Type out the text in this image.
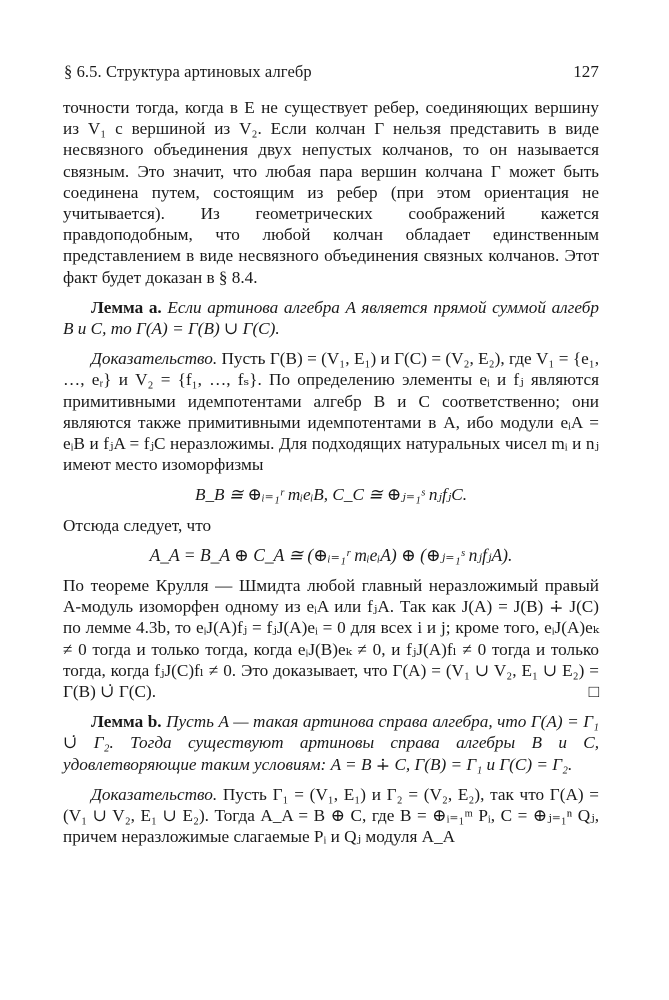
§ 6.5. Структура артиновых алгебр	127

точности тогда, когда в E не существует ребер, соединяющих вершину из V₁ с вершиной из V₂. Если колчан Γ нельзя представить в виде несвязного объединения двух непустых колчанов, то он называется связным. Это значит, что любая пара вершин колчана Γ может быть соединена путем, состоящим из ребер (при этом ориентация не учитывается). Из геометрических соображений кажется правдоподобным, что любой колчан обладает единственным представлением в виде несвязного объединения связных колчанов. Этот факт будет доказан в § 8.4.

Лемма a. Если артинова алгебра A является прямой суммой алгебр B и C, то Γ(A) = Γ(B) ∪ Γ(C).

Доказательство. Пусть Γ(B) = (V₁, E₁) и Γ(C) = (V₂, E₂), где V₁ = {e₁, …, eᵣ} и V₂ = {f₁, …, fₛ}. По определению элементы eᵢ и fⱼ являются примитивными идемпотентами алгебр B и C соответственно; они являются также примитивными идемпотентами в A, ибо модули eᵢA = eᵢB и fⱼA = fⱼC неразложимы. Для подходящих натуральных чисел mᵢ и nⱼ имеют место изоморфизмы

B_B ≅ ⊕ᵢ₌₁ʳ mᵢeᵢB, C_C ≅ ⊕ⱼ₌₁ˢ nⱼfⱼC.

Отсюда следует, что

A_A = B_A ⊕ C_A ≅ (⊕ᵢ₌₁ʳ mᵢeᵢA) ⊕ (⊕ⱼ₌₁ˢ nⱼfⱼA).

По теореме Крулля — Шмидта любой главный неразложимый правый A-модуль изоморфен одному из eᵢA или fⱼA. Так как J(A) = J(B) ∔ J(C) по лемме 4.3b, то eᵢJ(A)fⱼ = fⱼJ(A)eᵢ = 0 для всех i и j; кроме того, eᵢJ(A)eₖ ≠ 0 тогда и только тогда, когда eᵢJ(B)eₖ ≠ 0, и fⱼJ(A)fₗ ≠ 0 тогда и только тогда, когда fⱼJ(C)fₗ ≠ 0. Это доказывает, что Γ(A) = (V₁ ∪ V₂, E₁ ∪ E₂) = Γ(B) ∪̇ Γ(C).	□

Лемма b. Пусть A — такая артинова справа алгебра, что Γ(A) = Γ₁ ∪̇ Γ₂. Тогда существуют артиновы справа алгебры B и C, удовлетворяющие таким условиям: A = B ∔ C, Γ(B) = Γ₁ и Γ(C) = Γ₂.

Доказательство. Пусть Γ₁ = (V₁, E₁) и Γ₂ = (V₂, E₂), так что Γ(A) = (V₁ ∪ V₂, E₁ ∪ E₂). Тогда A_A = B ⊕ C, где B = ⊕ᵢ₌₁ᵐ Pᵢ, C = ⊕ⱼ₌₁ⁿ Qⱼ, причем неразложимые слагаемые Pᵢ и Qⱼ модуля A_A
